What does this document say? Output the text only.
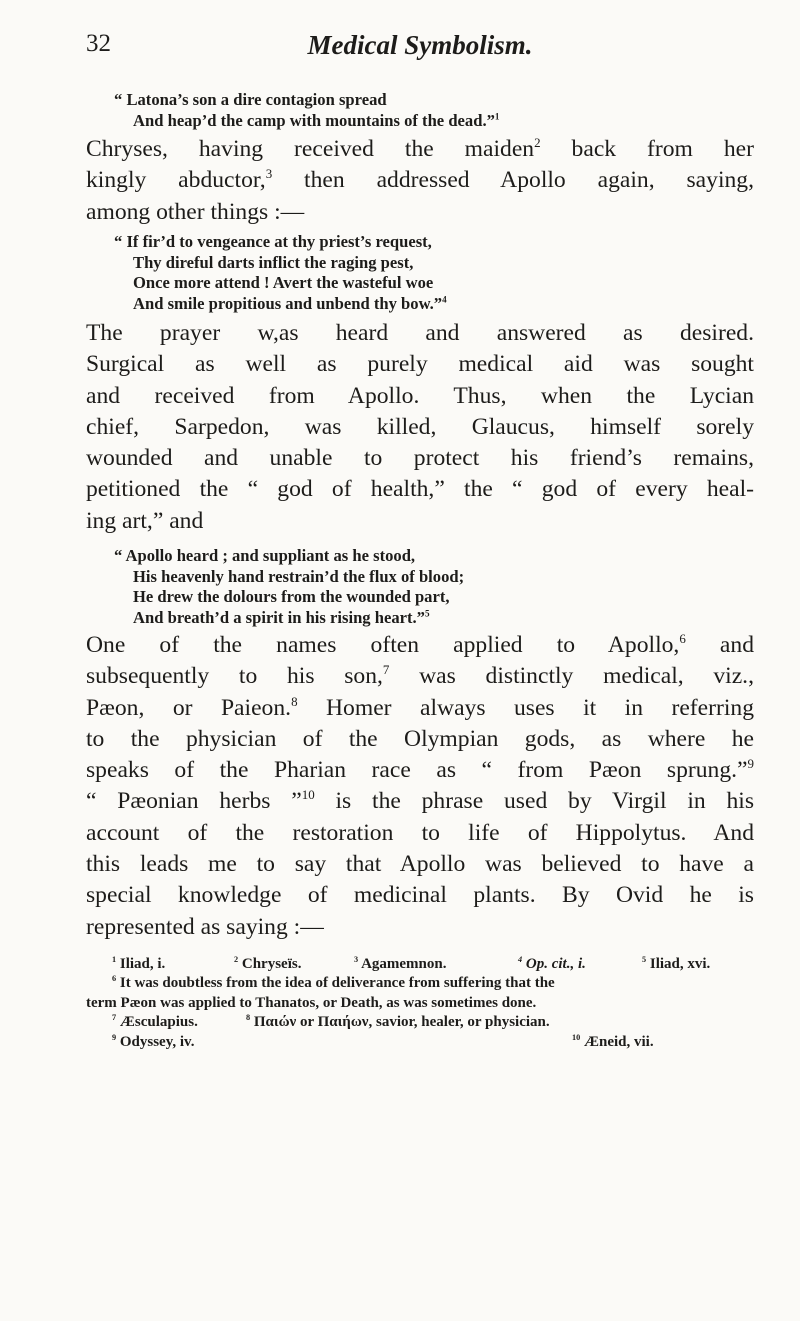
32	Medical Symbolism.
“ Latona’s son a dire contagion spread
And heap’d the camp with mountains of the dead.”$^1$
Chryses, having received the maiden$^2$ back from her
kingly abductor,$^3$ then addressed Apollo again, saying,
among other things :—
“ If fir’d to vengeance at thy priest’s request,
Thy direful darts inflict the raging pest,
Once more attend ! Avert the wasteful woe
And smile propitious and unbend thy bow.”$^4$
The prayer w,as heard and answered as desired.
Surgical as well as purely medical aid was sought
and received from Apollo. Thus, when the Lycian
chief, Sarpedon, was killed, Glaucus, himself sorely
wounded and unable to protect his friend’s remains,
petitioned the “ god of health,” the “ god of every heal-
ing art,” and
“ Apollo heard ; and suppliant as he stood,
His heavenly hand restrain’d the flux of blood;
He drew the dolours from the wounded part,
And breath’d a spirit in his rising heart.”$^5$
One of the names often applied to Apollo,$^6$ and
subsequently to his son,$^7$ was distinctly medical, viz.,
Pæon, or Paieon.$^8$ Homer always uses it in referring
to the physician of the Olympian gods, as where he
speaks of the Pharian race as “ from Pæon sprung.”$^9$
“ Pæonian herbs ”$^{10}$ is the phrase used by Virgil in his
account of the restoration to life of Hippolytus. And
this leads me to say that Apollo was believed to have a
special knowledge of medicinal plants. By Ovid he is
represented as saying :—
$^1$ Iliad, i.	$^2$ Chryseïs.	$^3$ Agamemnon.	$^4$ Op. cit., i.	$^5$ Iliad, xvi.
$^6$ It was doubtless from the idea of deliverance from suffering that the
term Pæon was applied to Thanatos, or Death, as was sometimes done.
$^7$ Æsculapius.	$^8$ Παιών or Παιήων, savior, healer, or physician.
$^9$ Odyssey, iv.	$^{10}$ Æneid, vii.
